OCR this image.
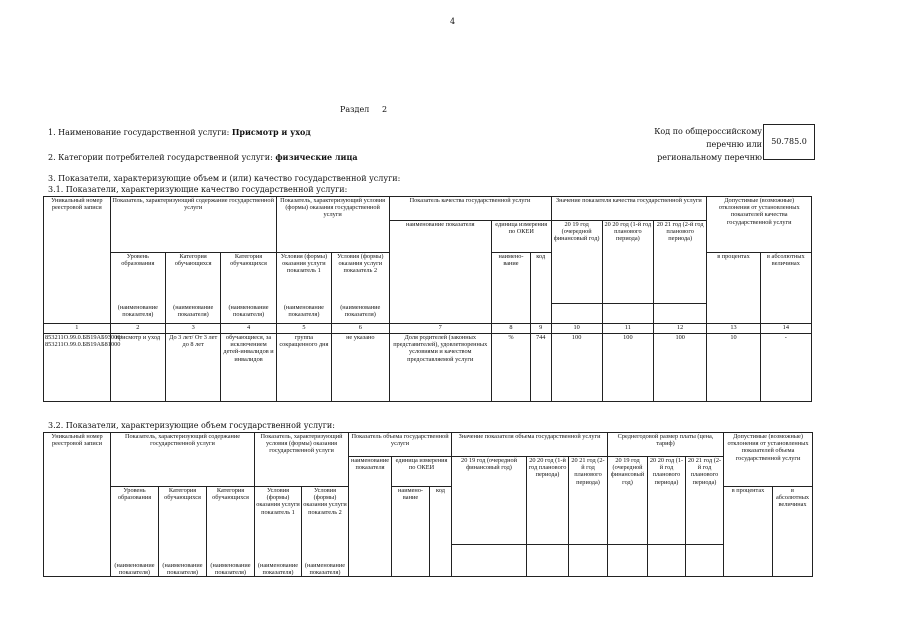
4
Раздел 2
1. Наименование государственной услуги: Присмотр и уход
2. Категории потребителей государственной услуги: физические лица
Код по общероссийскому
перечню или
региональному перечню
50.785.0
3. Показатели, характеризующие объем и (или) качество государственной услуги:
3.1. Показатели, характеризующие качество государственной услуги:
Уникальный номер реестровой записи	Показатель, характеризующий содержание государственной услуги			Показатель, характеризующий условия (формы) оказания государственной услуги		Показатель качества государственной услуги			Значение показателя качества государственной услуги			Допустимые (возможные) отклонения от установленных показателей качества государственной услуги	
						наименование показателя	единица измерения по ОКЕИ		20 19 год (очередной финансовый год)	20 20 год (1-й год планового периода)	20 21 год (2-й год планового периода)		
	Уровень образования	Категория обучающихся	Категория обучающихся	Условия (формы) оказания услуги показатель 1	Условия (формы) оказания услуги показатель 2		наимено-вание	код				в процентах	в абсолютных величинах
	(наименование показателя)	(наименование показателя)	(наименование показателя)	(наименование показателя)	(наименование показателя)								
1	2	3	4	5	6	7	8	9	10	11	12	13	14
853211О.99.0.БВ19АБ93000/ 853211О.99.0.БВ19АБ81000	присмотр и уход	До 3 лет/ От 3 лет до 8 лет	обучающиеся, за исключением детей-инвалидов и инвалидов	группа сокращенного дня	не указано	Доля родителей (законных представителей), удовлетворенных условиями и качеством предоставляемой услуги	%	744	100	100	100	10	-
3.2. Показатели, характеризующие объем государственной услуги:
Уникальный номер реестровой записи	Показатель, характеризующий содержание государственной услуги			Показатель, характеризующий условия (формы) оказания государственной услуги		Показатель объема государственной услуги			Значение показателя объема государственной услуги			Среднегодовой размер платы (цена, тариф)			Допустимые (возможные) отклонения от установленных показателей объема государственной услуги	
						наименование показателя	единица измерения по ОКЕИ		20 19 год (очередной финансовый год)	20 20 год (1-й год планового периода)	20 21 год (2-й год планового периода)	20 19 год (очередной финансовый год)	20 20 год (1-й год планового периода)	20 21 год (2-й год планового периода)		
	Уровень образования	Категория обучающихся	Категория обучающихся	Условия (формы) оказания услуги показатель 1	Условия (формы) оказания услуги показатель 2		наимено-вание	код							в процентах	в абсолютных величинах
	(наименование показателя)	(наименование показателя)	(наименование показателя)	(наименование показателя)	(наименование показателя)											
